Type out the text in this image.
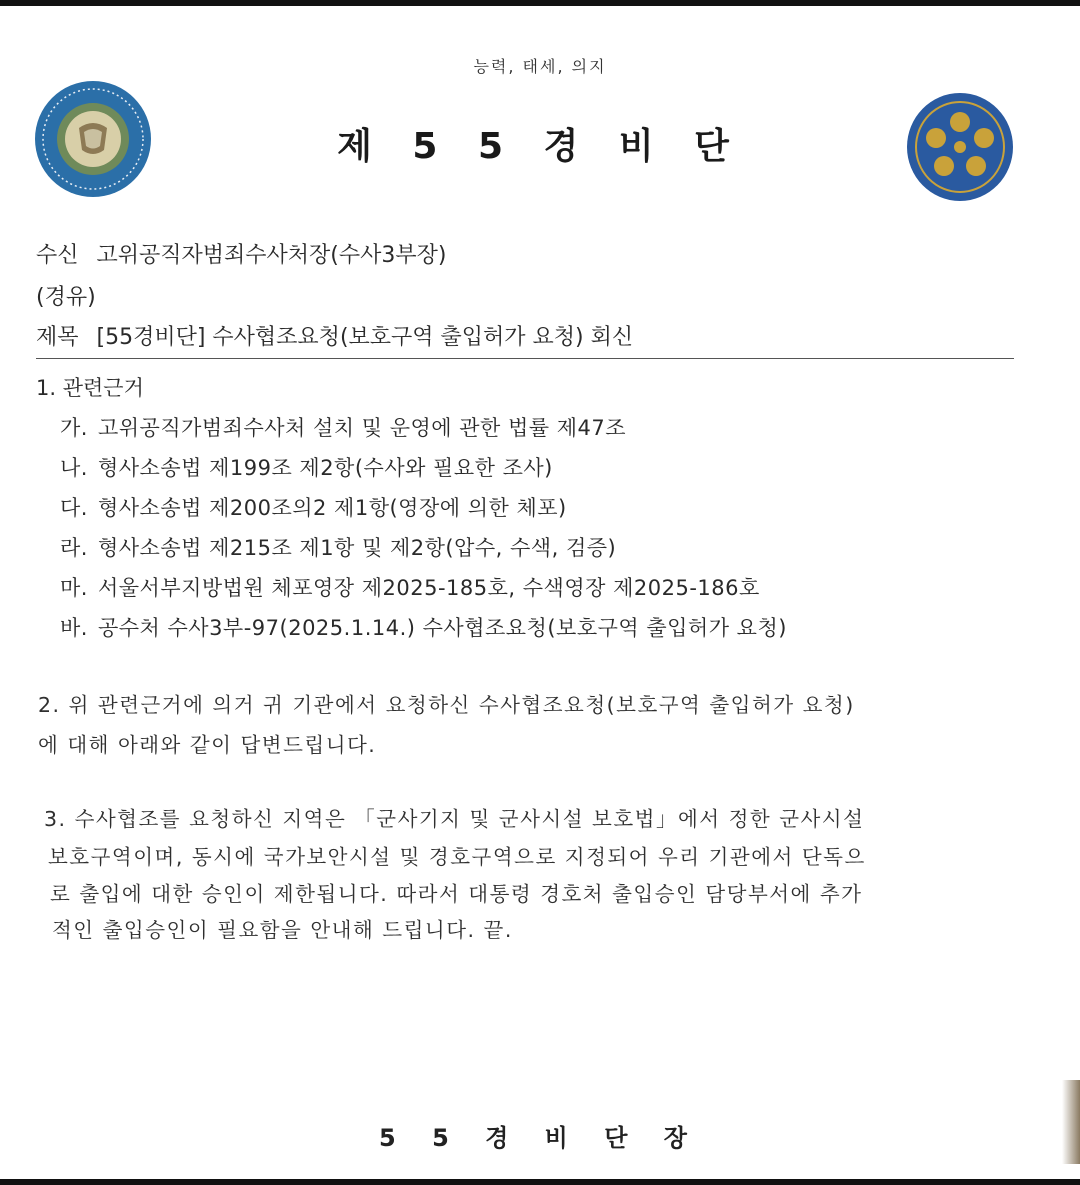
능력, 태세, 의지
제 5 5 경 비 단
수신 고위공직자범죄수사처장(수사3부장)
(경유)
제목 [55경비단] 수사협조요청(보호구역 출입허가 요청) 회신
1. 관련근거
가. 고위공직가범죄수사처 설치 및 운영에 관한 법률 제47조
나. 형사소송법 제199조 제2항(수사와 필요한 조사)
다. 형사소송법 제200조의2 제1항(영장에 의한 체포)
라. 형사소송법 제215조 제1항 및 제2항(압수, 수색, 검증)
마. 서울서부지방법원 체포영장 제2025-185호, 수색영장 제2025-186호
바. 공수처 수사3부-97(2025.1.14.) 수사협조요청(보호구역 출입허가 요청)
2. 위 관련근거에 의거 귀 기관에서 요청하신 수사협조요청(보호구역 출입허가 요청)
에 대해 아래와 같이 답변드립니다.
3. 수사협조를 요청하신 지역은 「군사기지 및 군사시설 보호법」에서 정한 군사시설
보호구역이며, 동시에 국가보안시설 및 경호구역으로 지정되어 우리 기관에서 단독으
로 출입에 대한 승인이 제한됩니다. 따라서 대통령 경호처 출입승인 담당부서에 추가
적인 출입승인이 필요함을 안내해 드립니다. 끝.
5 5 경 비 단 장
